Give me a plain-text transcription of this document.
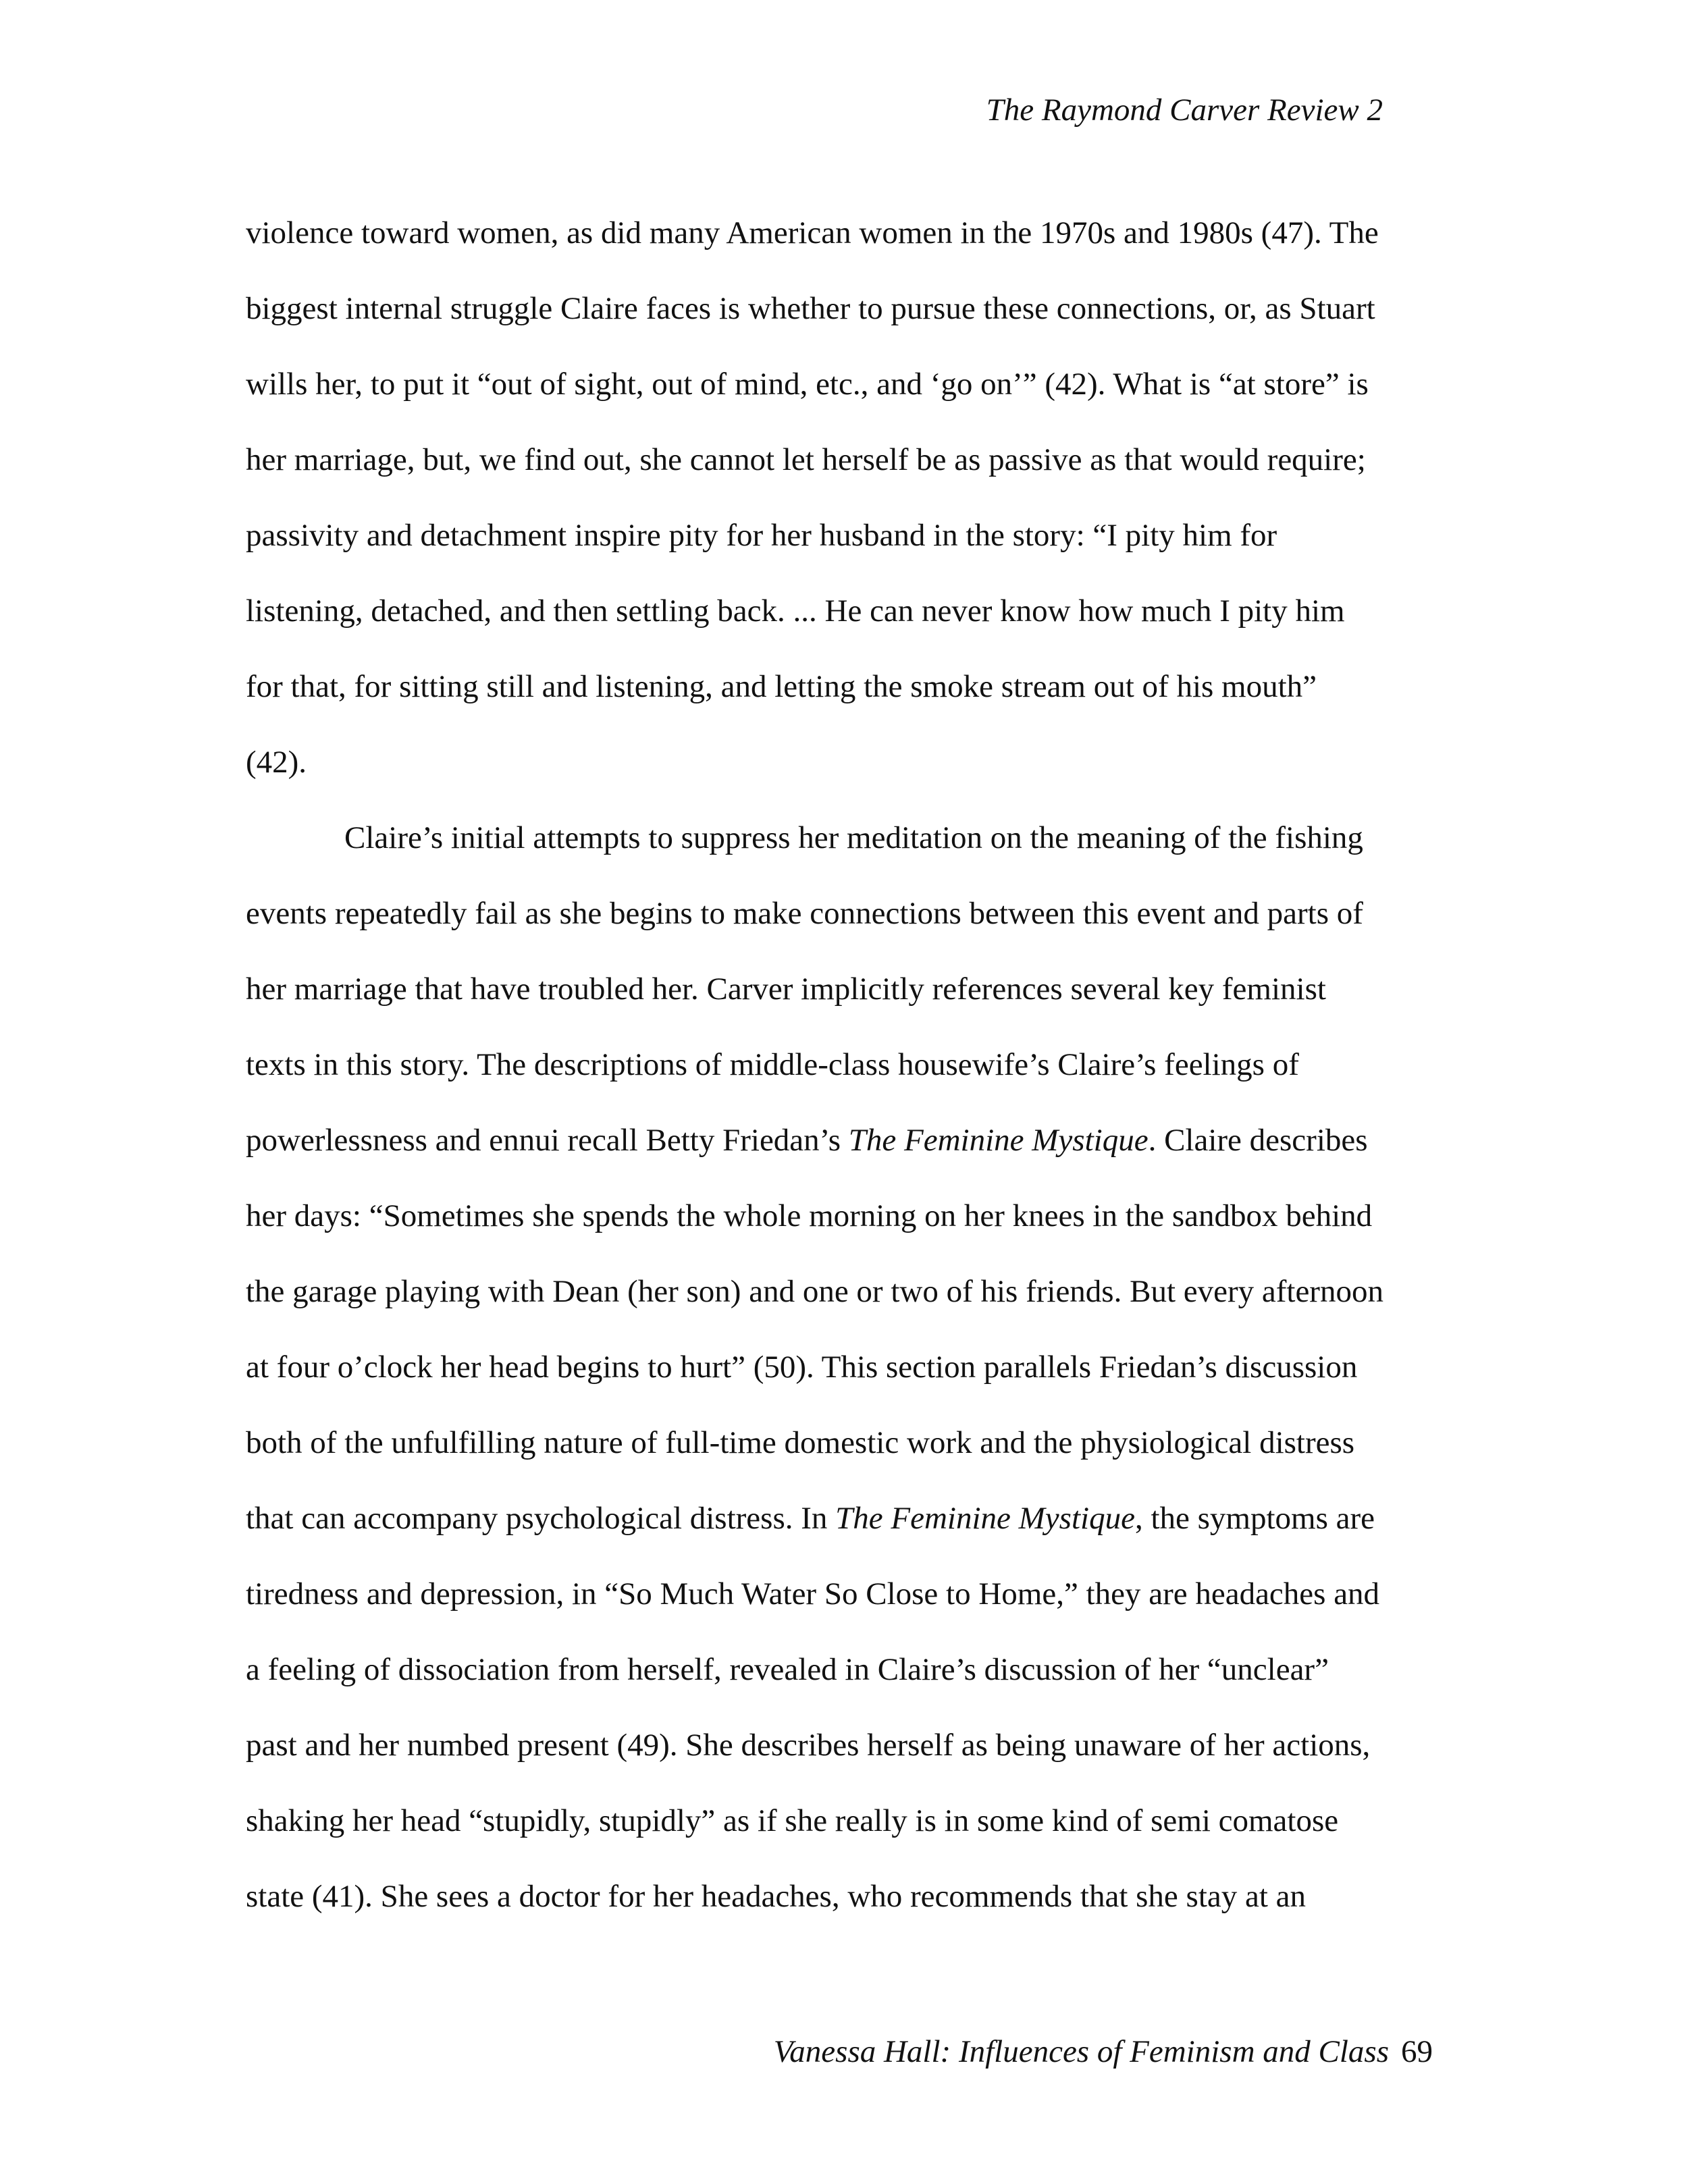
The Raymond Carver Review 2
violence toward women, as did many American women in the 1970s and 1980s (47). The
biggest internal struggle Claire faces is whether to pursue these connections, or, as Stuart
wills her, to put it “out of sight, out of mind, etc., and ‘go on’” (42). What is “at store” is
her marriage, but, we find out, she cannot let herself be as passive as that would require;
passivity and detachment inspire pity for her husband in the story: “I pity him for
listening, detached, and then settling back. ... He can never know how much I pity him
for that, for sitting still and listening, and letting the smoke stream out of his mouth”
(42).
Claire’s initial attempts to suppress her meditation on the meaning of the fishing
events repeatedly fail as she begins to make connections between this event and parts of
her marriage that have troubled her. Carver implicitly references several key feminist
texts in this story. The descriptions of middle-class housewife’s Claire’s feelings of
powerlessness and ennui recall Betty Friedan’s The Feminine Mystique. Claire describes
her days: “Sometimes she spends the whole morning on her knees in the sandbox behind
the garage playing with Dean (her son) and one or two of his friends. But every afternoon
at four o’clock her head begins to hurt” (50). This section parallels Friedan’s discussion
both of the unfulfilling nature of full-time domestic work and the physiological distress
that can accompany psychological distress. In The Feminine Mystique, the symptoms are
tiredness and depression, in “So Much Water So Close to Home,” they are headaches and
a feeling of dissociation from herself, revealed in Claire’s discussion of her “unclear”
past and her numbed present (49). She describes herself as being unaware of her actions,
shaking her head “stupidly, stupidly” as if she really is in some kind of semi comatose
state (41). She sees a doctor for her headaches, who recommends that she stay at an
Vanessa Hall: Influences of Feminism and Class 69
